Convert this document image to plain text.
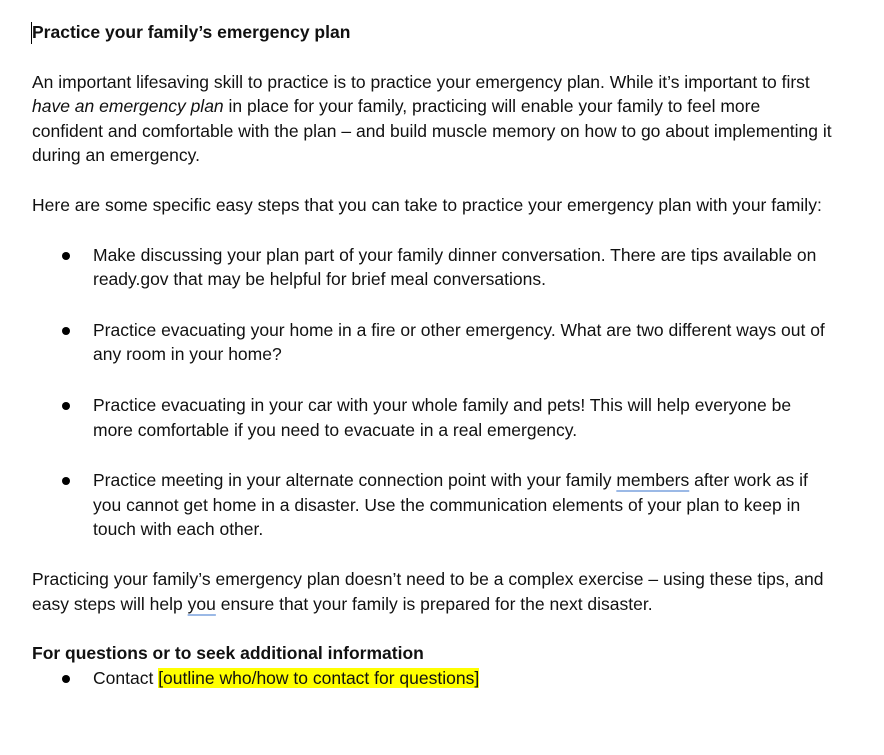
Practice your family’s emergency plan

An important lifesaving skill to practice is to practice your emergency plan. While it’s important to first have an emergency plan in place for your family, practicing will enable your family to feel more confident and comfortable with the plan – and build muscle memory on how to go about implementing it during an emergency.

Here are some specific easy steps that you can take to practice your emergency plan with your family:

Make discussing your plan part of your family dinner conversation. There are tips available on ready.gov that may be helpful for brief meal conversations.
Practice evacuating your home in a fire or other emergency. What are two different ways out of any room in your home?
Practice evacuating in your car with your whole family and pets! This will help everyone be more comfortable if you need to evacuate in a real emergency.
Practice meeting in your alternate connection point with your family members after work as if you cannot get home in a disaster. Use the communication elements of your plan to keep in touch with each other.

Practicing your family’s emergency plan doesn’t need to be a complex exercise – using these tips, and easy steps will help you ensure that your family is prepared for the next disaster.

For questions or to seek additional information

Contact [outline who/how to contact for questions]
